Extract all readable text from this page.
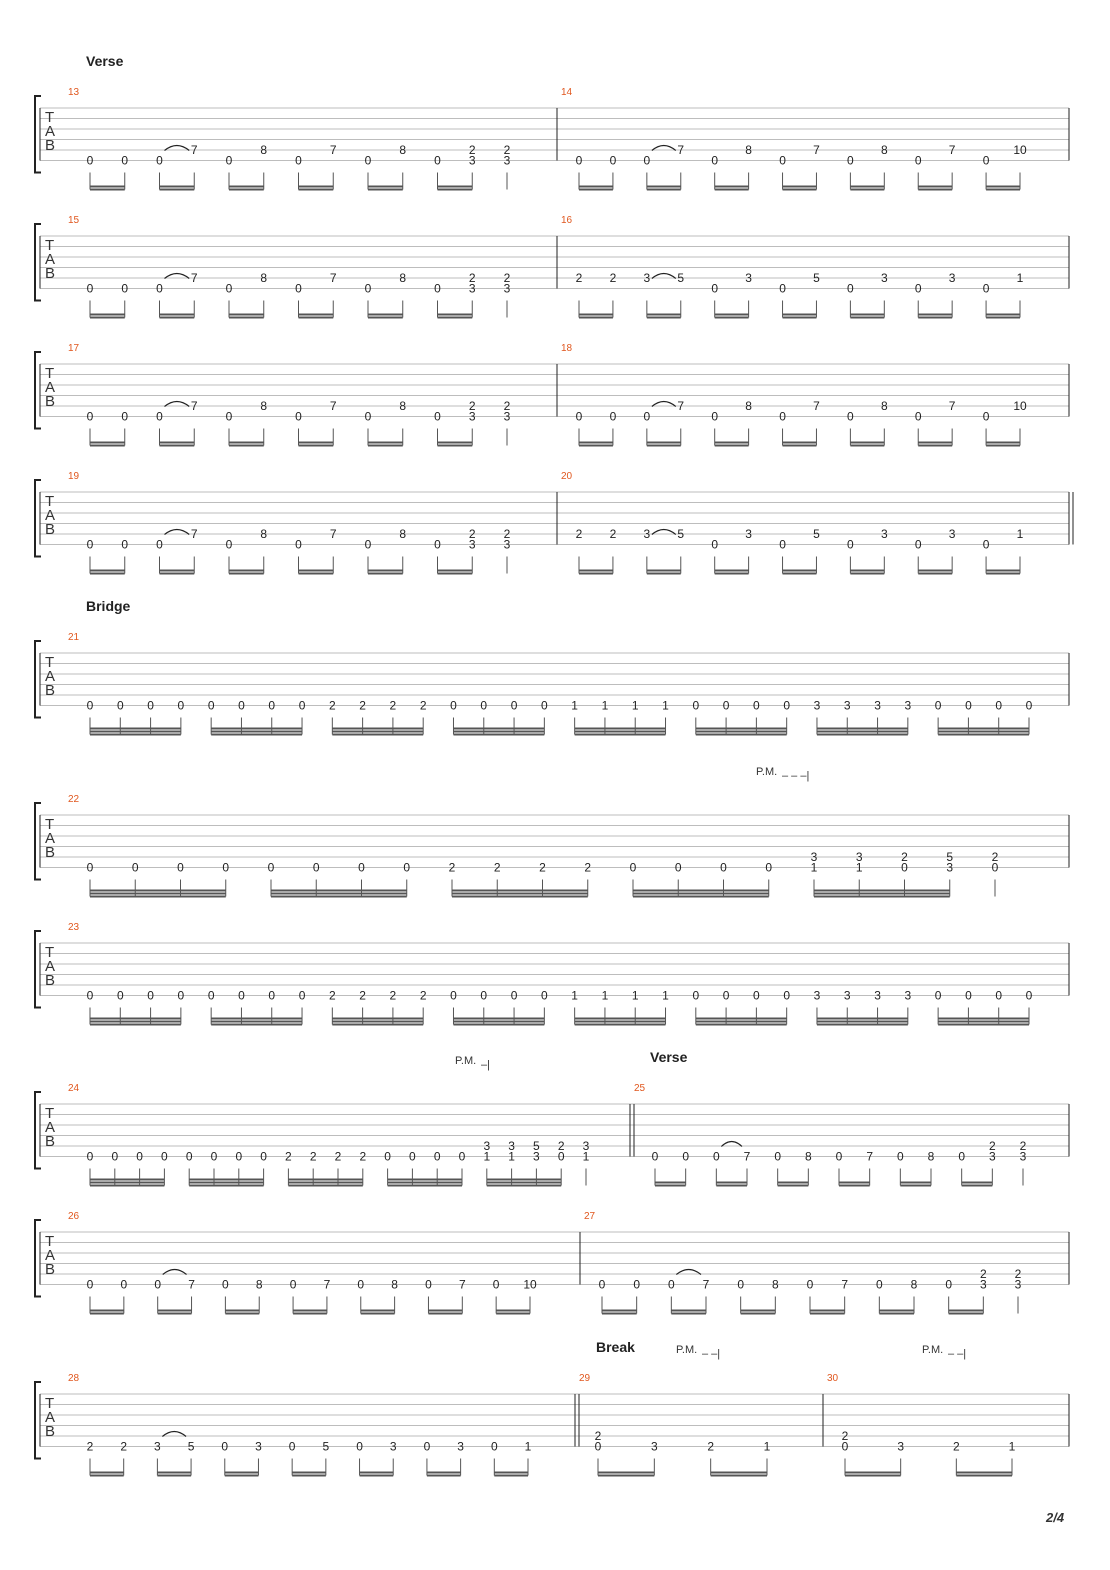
T
A
B
Verse
13
0 0 0
7
0
8
0
7
0
8
0
2
3
2
3
14
0 0 0
7
0
8
0
7
0
8
0
7
0
10
T
A
B
15
0 0 0
7
0
8
0
7
0
8
0
2
3
2
3
16
2 2 3 5
0
3
0
5
0
3
0
3
0
1
T
A
B
17
0 0 0
7
0
8
0
7
0
8
0
2
3
2
3
18
0 0 0
7
0
8
0
7
0
8
0
7
0
10
T
A
B
19
0 0 0
7
0
8
0
7
0
8
0
2
3
2
3
20
2 2 3 5
0
3
0
5
0
3
0
3
0
1
T
A
B
Bridge
21
0 0 0 0 0 0 0 0 2 2 2 2 0 0 0 0 1 1 1 1 0 0 0 0 3 3 3 3 0 0 0 0
T
A
B
22
0	0	0	0	0	0	0	0	2	2	2	2	0	0	0	0
3
1
3
1
2
0
5
3
2
0
T
A
B
23
0 0 0 0 0 0 0 0 2 2 2 2 0 0 0 0 1 1 1 1 0 0 0 0 3 3 3 3 0 0 0 0
T
A
B
Verse
24
0 0 0 0 0 0 0 0 2 2 2 2 0 0 0 0
3
1
3
1
5
3
2
0
3
1
25
0 0 0 7 0 8 0 7 0 8 0
2
3
2
3
T
A
B
26
0 0 0 7 0 8 0 7 0 8 0 7 0 10
27
0 0 0 7 0 8 0 7 0 8 0
2
3
2
3
T
A
B
Break
28
2 2 3 5 0 3 0 5 0 3 0 3 0 1
29
2
0	3	2	1
30
2
0	3	2	1
P.M. – – –|
P.M. –|
P.M. – –|	P.M. – –|
2/4
